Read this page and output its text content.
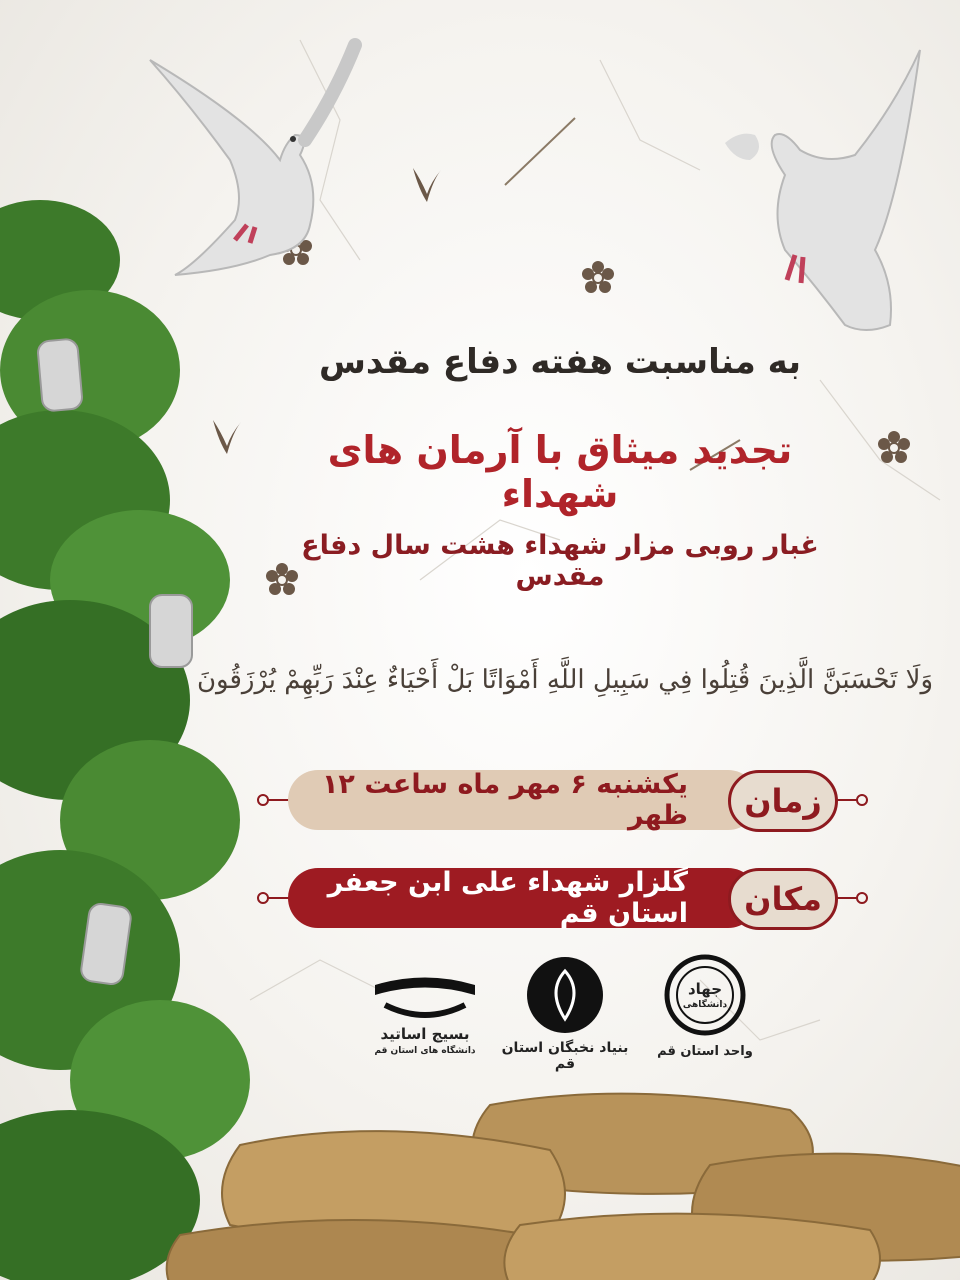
به مناسبت هفته دفاع مقدس
تجدید میثاق با آرمان های شهداء
غبار روبی مزار شهداء هشت سال دفاع مقدس
وَلَا تَحْسَبَنَّ الَّذِينَ قُتِلُوا فِي سَبِيلِ اللَّهِ أَمْوَاتًا بَلْ أَحْيَاءٌ عِنْدَ رَبِّهِمْ يُرْزَقُونَ
یکشنبه ۶ مهر ماه ساعت ۱۲ ظهر	زمان
گلزار شهداء علی ابن جعفر استان قم	مکان
بسیج اساتید
دانشگاه های استان قم	بنیاد نخبگان استان قم
جهاد
دانشگاهی
واحد استان قم
